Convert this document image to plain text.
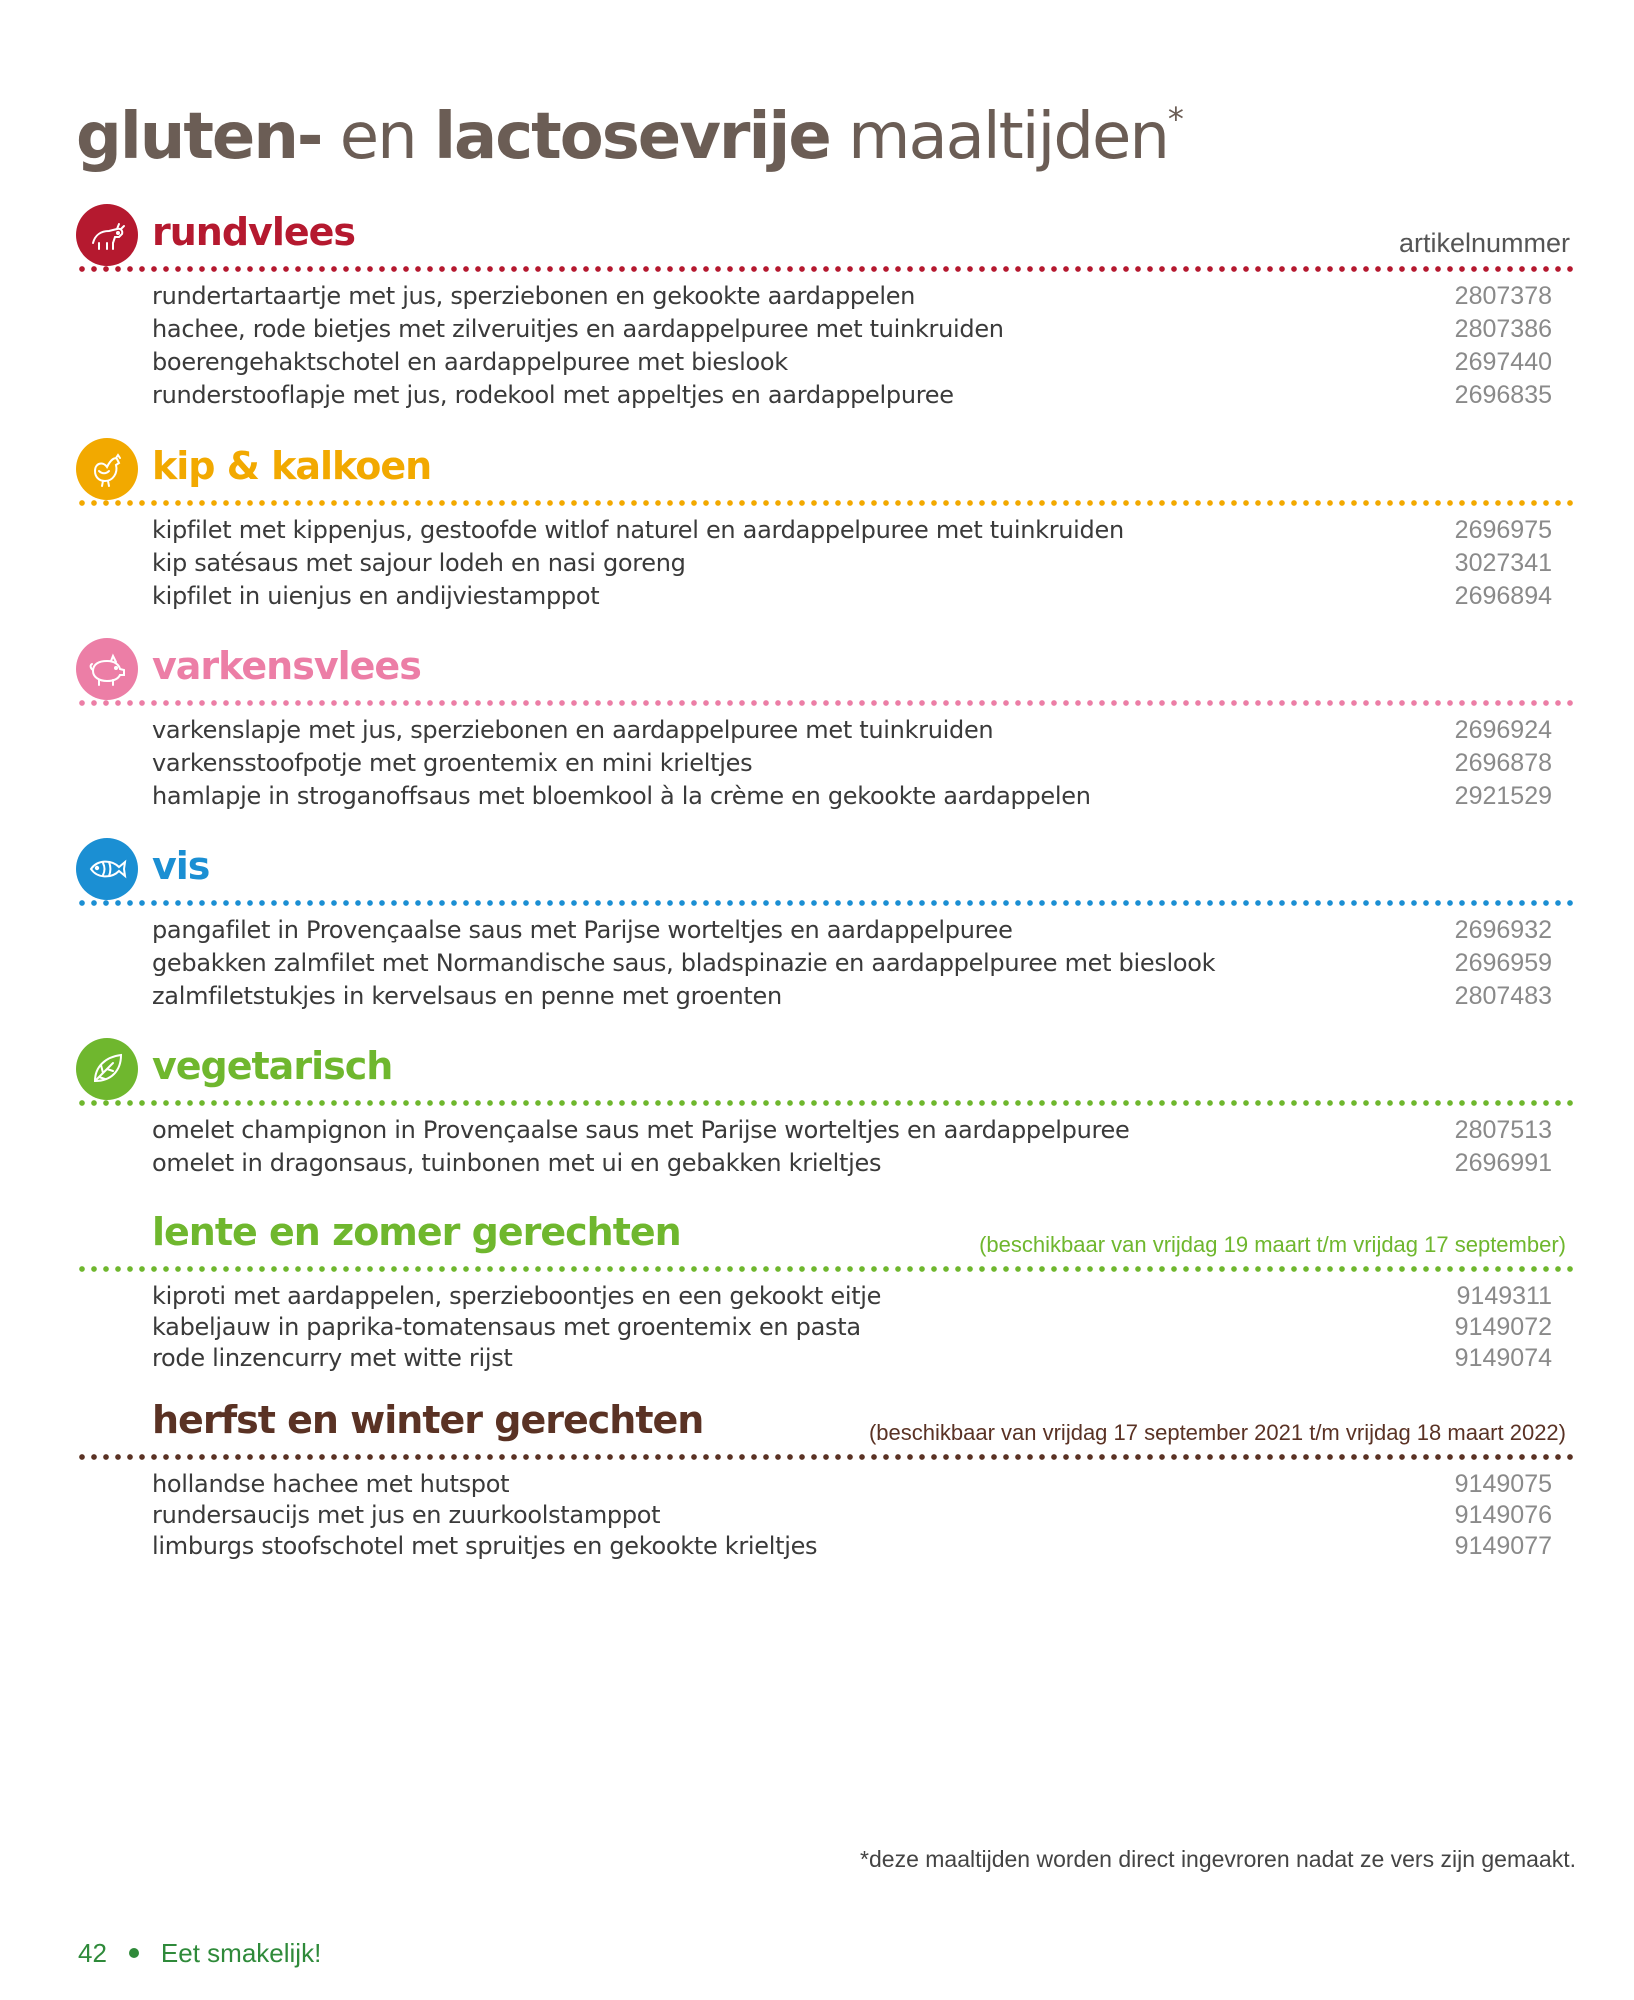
gluten- en lactosevrije maaltijden*
rundvlees	artikelnummer
rundertartaartje met jus, sperziebonen en gekookte aardappelen	2807378
hachee, rode bietjes met zilveruitjes en aardappelpuree met tuinkruiden	2807386
boerengehaktschotel en aardappelpuree met bieslook	2697440
runderstooflapje met jus, rodekool met appeltjes en aardappelpuree	2696835
kip & kalkoen
kipfilet met kippenjus, gestoofde witlof naturel en aardappelpuree met tuinkruiden	2696975
kip satésaus met sajour lodeh en nasi goreng	3027341
kipfilet in uienjus en andijviestamppot	2696894
varkensvlees
varkenslapje met jus, sperziebonen en aardappelpuree met tuinkruiden	2696924
varkensstoofpotje met groentemix en mini krieltjes	2696878
hamlapje in stroganoffsaus met bloemkool à la crème en gekookte aardappelen	2921529
vis
pangafilet in Provençaalse saus met Parijse worteltjes en aardappelpuree	2696932
gebakken zalmfilet met Normandische saus, bladspinazie en aardappelpuree met bieslook	2696959
zalmfiletstukjes in kervelsaus en penne met groenten	2807483
vegetarisch
omelet champignon in Provençaalse saus met Parijse worteltjes en aardappelpuree	2807513
omelet in dragonsaus, tuinbonen met ui en gebakken krieltjes	2696991
lente en zomer gerechten	(beschikbaar van vrijdag 19 maart t/m vrijdag 17 september)
kiproti met aardappelen, sperzieboontjes en een gekookt eitje	9149311
kabeljauw in paprika-tomatensaus met groentemix en pasta	9149072
rode linzencurry met witte rijst	9149074
herfst en winter gerechten	(beschikbaar van vrijdag 17 september 2021 t/m vrijdag 18 maart 2022)
hollandse hachee met hutspot	9149075
rundersaucijs met jus en zuurkoolstamppot	9149076
limburgs stoofschotel met spruitjes en gekookte krieltjes	9149077
*deze maaltijden worden direct ingevroren nadat ze vers zijn gemaakt.
42 Eet smakelijk!
